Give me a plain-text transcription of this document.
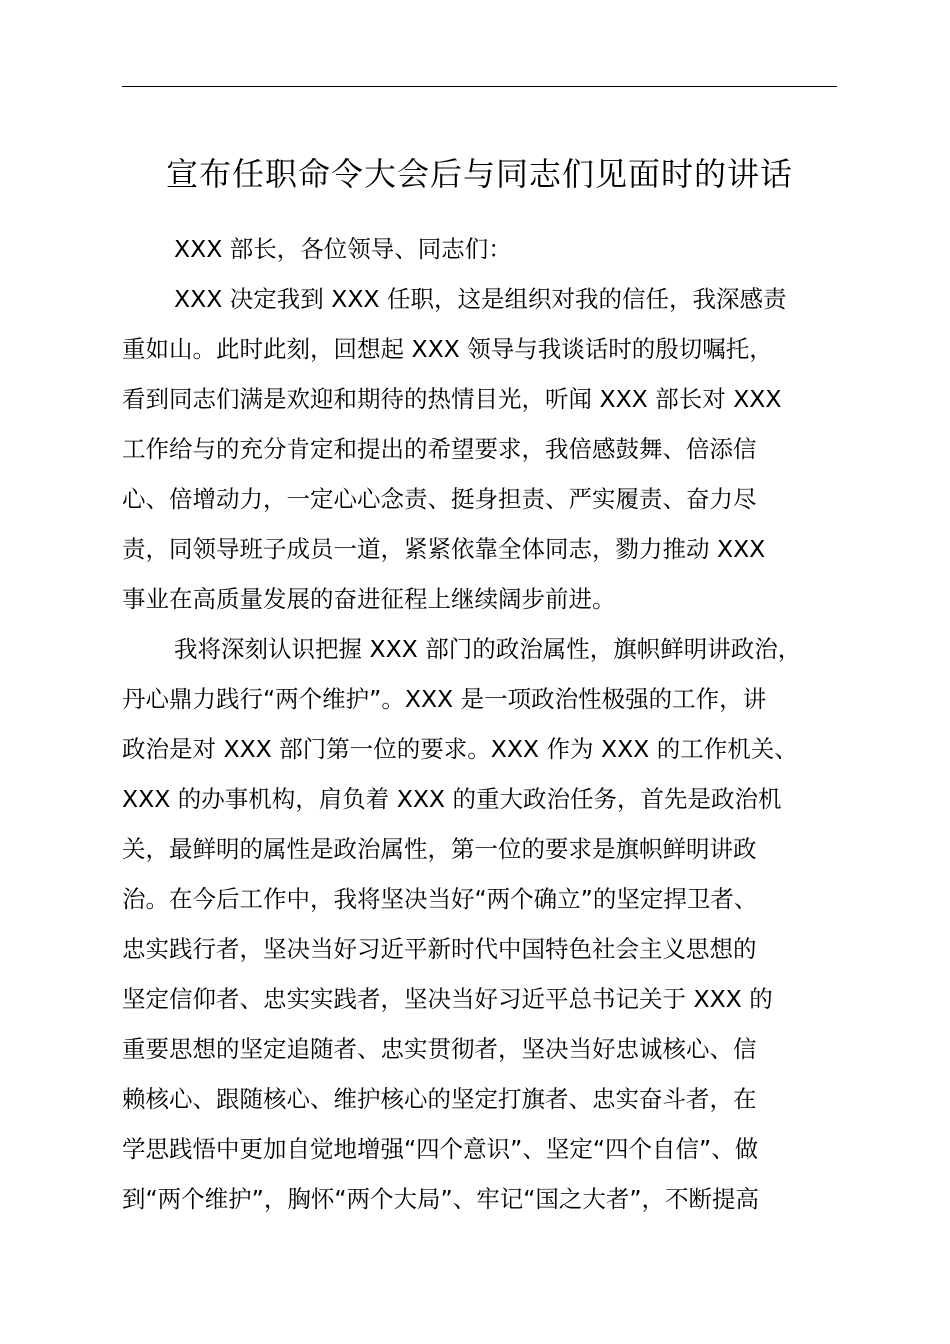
宣布任职命令大会后与同志们见面时的讲话
XXX 部长，各位领导、同志们：
XXX 决定我到 XXX 任职，这是组织对我的信任，我深感责
重如山。此时此刻，回想起 XXX 领导与我谈话时的殷切嘱托，
看到同志们满是欢迎和期待的热情目光，听闻 XXX 部长对 XXX
工作给与的充分肯定和提出的希望要求，我倍感鼓舞、倍添信
心、倍增动力，一定心心念责、挺身担责、严实履责、奋力尽
责，同领导班子成员一道，紧紧依靠全体同志，勠力推动 XXX
事业在高质量发展的奋进征程上继续阔步前进。
我将深刻认识把握 XXX 部门的政治属性，旗帜鲜明讲政治，
丹心鼎力践行“两个维护”。XXX 是一项政治性极强的工作，讲
政治是对 XXX 部门第一位的要求。XXX 作为 XXX 的工作机关、
XXX 的办事机构，肩负着 XXX 的重大政治任务，首先是政治机
关，最鲜明的属性是政治属性，第一位的要求是旗帜鲜明讲政
治。在今后工作中，我将坚决当好“两个确立”的坚定捍卫者、
忠实践行者，坚决当好习近平新时代中国特色社会主义思想的
坚定信仰者、忠实实践者，坚决当好习近平总书记关于 XXX 的
重要思想的坚定追随者、忠实贯彻者，坚决当好忠诚核心、信
赖核心、跟随核心、维护核心的坚定打旗者、忠实奋斗者，在
学思践悟中更加自觉地增强“四个意识”、坚定“四个自信”、做
到“两个维护”，胸怀“两个大局”、牢记“国之大者”，不断提高
